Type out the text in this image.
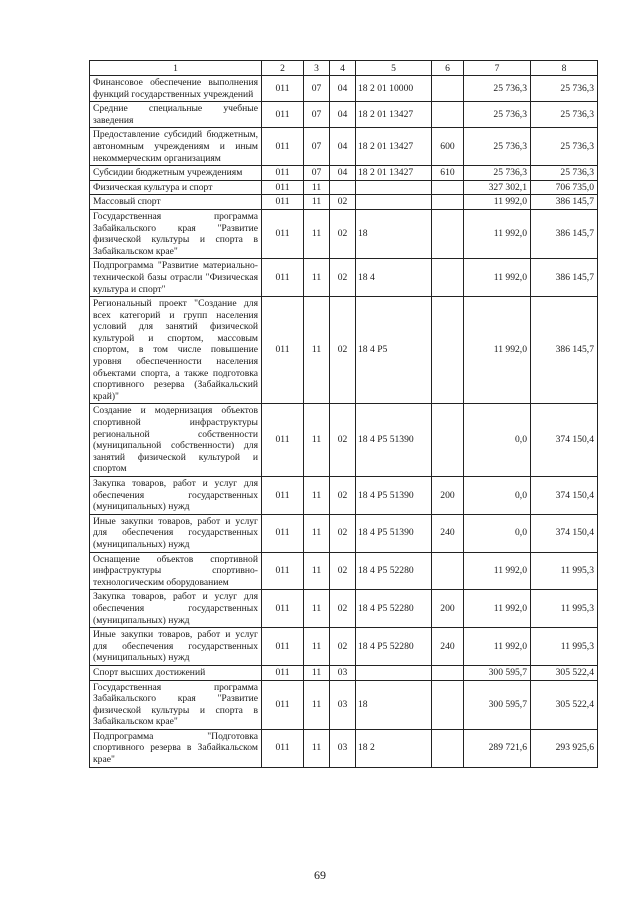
1	2	3	4	5	6	7	8
Финансовое обеспечение выполнения функций государственных учреждений	011	07	04	18 2 01 10000		25 736,3	25 736,3
Средние специальные учебные заведения	011	07	04	18 2 01 13427		25 736,3	25 736,3
Предоставление субсидий бюджетным, автономным учреждениям и иным некоммерческим организациям	011	07	04	18 2 01 13427	600	25 736,3	25 736,3
Субсидии бюджетным учреждениям	011	07	04	18 2 01 13427	610	25 736,3	25 736,3
Физическая культура и спорт	011	11				327 302,1	706 735,0
Массовый спорт	011	11	02			11 992,0	386 145,7
Государственная программа Забайкальского края "Развитие физической культуры и спорта в Забайкальском крае"	011	11	02	18		11 992,0	386 145,7
Подпрограмма "Развитие материально-технической базы отрасли "Физическая культура и спорт"	011	11	02	18 4		11 992,0	386 145,7
Региональный проект "Создание для всех категорий и групп населения условий для занятий физической культурой и спортом, массовым спортом, в том числе повышение уровня обеспеченности населения объектами спорта, а также подготовка спортивного резерва (Забайкальский край)"	011	11	02	18 4 P5		11 992,0	386 145,7
Создание и модернизация объектов спортивной инфраструктуры региональной собственности (муниципальной собственности) для занятий физической культурой и спортом	011	11	02	18 4 P5 51390		0,0	374 150,4
Закупка товаров, работ и услуг для обеспечения государственных (муниципальных) нужд	011	11	02	18 4 P5 51390	200	0,0	374 150,4
Иные закупки товаров, работ и услуг для обеспечения государственных (муниципальных) нужд	011	11	02	18 4 P5 51390	240	0,0	374 150,4
Оснащение объектов спортивной инфраструктуры спортивно-технологическим оборудованием	011	11	02	18 4 P5 52280		11 992,0	11 995,3
Закупка товаров, работ и услуг для обеспечения государственных (муниципальных) нужд	011	11	02	18 4 P5 52280	200	11 992,0	11 995,3
Иные закупки товаров, работ и услуг для обеспечения государственных (муниципальных) нужд	011	11	02	18 4 P5 52280	240	11 992,0	11 995,3
Спорт высших достижений	011	11	03			300 595,7	305 522,4
Государственная программа Забайкальского края "Развитие физической культуры и спорта в Забайкальском крае"	011	11	03	18		300 595,7	305 522,4
Подпрограмма "Подготовка спортивного резерва в Забайкальском крае"	011	11	03	18 2		289 721,6	293 925,6
69
